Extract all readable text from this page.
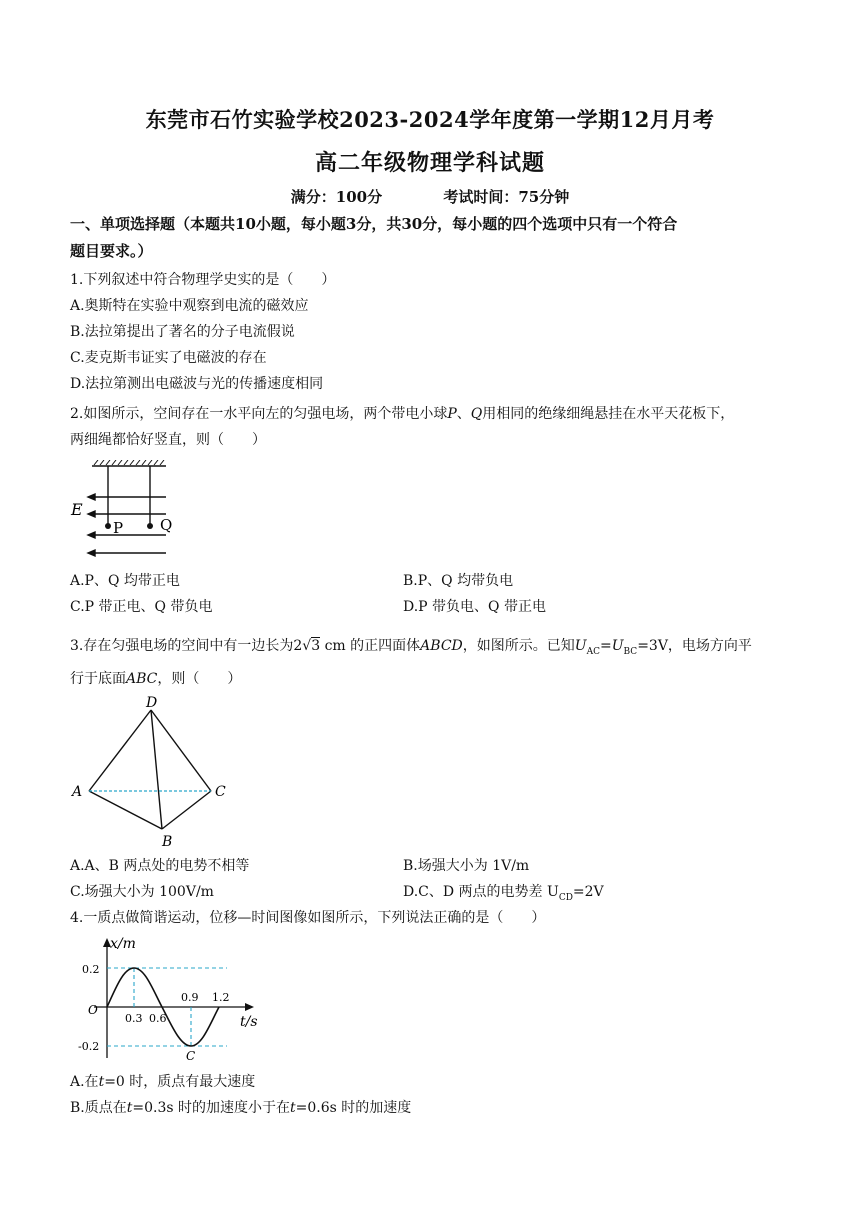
东莞市石竹实验学校2023-2024学年度第一学期12月月考
高二年级物理学科试题
满分：100分	考试时间：75分钟
一、单项选择题（本题共10小题，每小题3分，共30分，每小题的四个选项中只有一个符合
题目要求。）
1.下列叙述中符合物理学史实的是（　　）
A.奥斯特在实验中观察到电流的磁效应
B.法拉第提出了著名的分子电流假说
C.麦克斯韦证实了电磁波的存在
D.法拉第测出电磁波与光的传播速度相同
2.如图所示，空间存在一水平向左的匀强电场，两个带电小球P、Q用相同的绝缘细绳悬挂在水平天花板下，
两细绳都恰好竖直，则（　　）
E
P Q
A.P、Q 均带正电	B.P、Q 均带负电
C.P 带正电、Q 带负电	D.P 带负电、Q 带正电
3.存在匀强电场的空间中有一边长为2√3 cm 的正四面体ABCD，如图所示。已知$U_{AC}=U_{BC}=3V$，电场方向平
行于底面ABC，则（　　）
D
A	C
B
A.A、B 两点处的电势不相等	B.场强大小为 1V/m
C.场强大小为 100V/m	D.C、D 两点的电势差 $U_{CD}=2V$
4.一质点做简谐运动，位移—时间图像如图所示，下列说法正确的是（　　）
x/m
t/s
O
0.2
-0.2
0.3 0.6
0.9 1.2
C
A.在t=0 时，质点有最大速度
B.质点在t=0.3s 时的加速度小于在t=0.6s 时的加速度
